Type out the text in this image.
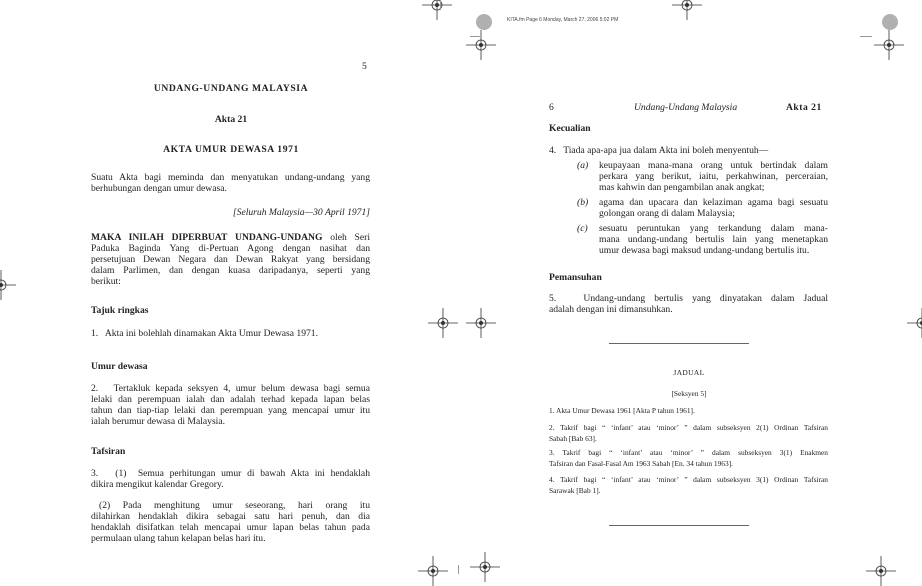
KITA.fm Page 6 Monday, March 27, 2006 5:02 PM
5
UNDANG-UNDANG MALAYSIA
Akta 21
AKTA UMUR DEWASA 1971
Suatu Akta bagi meminda dan menyatukan undang-undang yang
berhubungan dengan umur dewasa.
[Seluruh Malaysia—30 April 1971]
MAKA INILAH DIPERBUAT UNDANG-UNDANG oleh Seri
Paduka Baginda Yang di-Pertuan Agong dengan nasihat dan
persetujuan Dewan Negara dan Dewan Rakyat yang bersidang
dalam Parlimen, dan dengan kuasa daripadanya, seperti yang
berikut:
Tajuk ringkas
1.   Akta ini bolehlah dinamakan Akta Umur Dewasa 1971.
Umur dewasa
2.   Tertakluk kepada seksyen 4, umur belum dewasa bagi semua
lelaki dan perempuan ialah dan adalah terhad kepada lapan belas
tahun dan tiap-tiap lelaki dan perempuan yang mencapai umur itu
ialah berumur dewasa di Malaysia.
Tafsiran
3.   (1)  Semua perhitungan umur di bawah Akta ini hendaklah
dikira mengikut kalendar Gregory.
(2) Pada menghitung umur seseorang, hari orang itu
dilahirkan hendaklah dikira sebagai satu hari penuh, dan dia
hendaklah disifatkan telah mencapai umur lapan belas tahun pada
permulaan ulang tahun kelapan belas hari itu.
6	Undang-Undang Malaysia	Akta 21
Kecualian
4.   Tiada apa-apa jua dalam Akta ini boleh menyentuh—
(a) keupayaan mana-mana orang untuk bertindak dalam
perkara yang berikut, iaitu, perkahwinan, perceraian,
mas kahwin dan pengambilan anak angkat;
(b) agama dan upacara dan kelaziman agama bagi sesuatu
golongan orang di dalam Malaysia;
(c) sesuatu peruntukan yang terkandung dalam mana-
mana undang-undang bertulis lain yang menetapkan
umur dewasa bagi maksud undang-undang bertulis itu.
Pemansuhan
5.   Undang-undang bertulis yang dinyatakan dalam Jadual
adalah dengan ini dimansuhkan.
JADUAL
[Seksyen 5]
1. Akta Umur Dewasa 1961 [Akta P tahun 1961].
2. Takrif bagi “ ‘infant’ atau ‘minor’ ” dalam subseksyen 2(1) Ordinan Tafsiran
Sabah [Bab 63].
3. Takrif bagi “ ‘infant’ atau ‘minor’ ” dalam subseksyen 3(1) Enakmen
Tafsiran dan Fasal-Fasal Am 1963 Sabah [En. 34 tahun 1963].
4. Takrif bagi “ ‘infant’ atau ‘minor’ ” dalam subseksyen 3(1) Ordinan Tafsiran
Sarawak [Bab 1].
